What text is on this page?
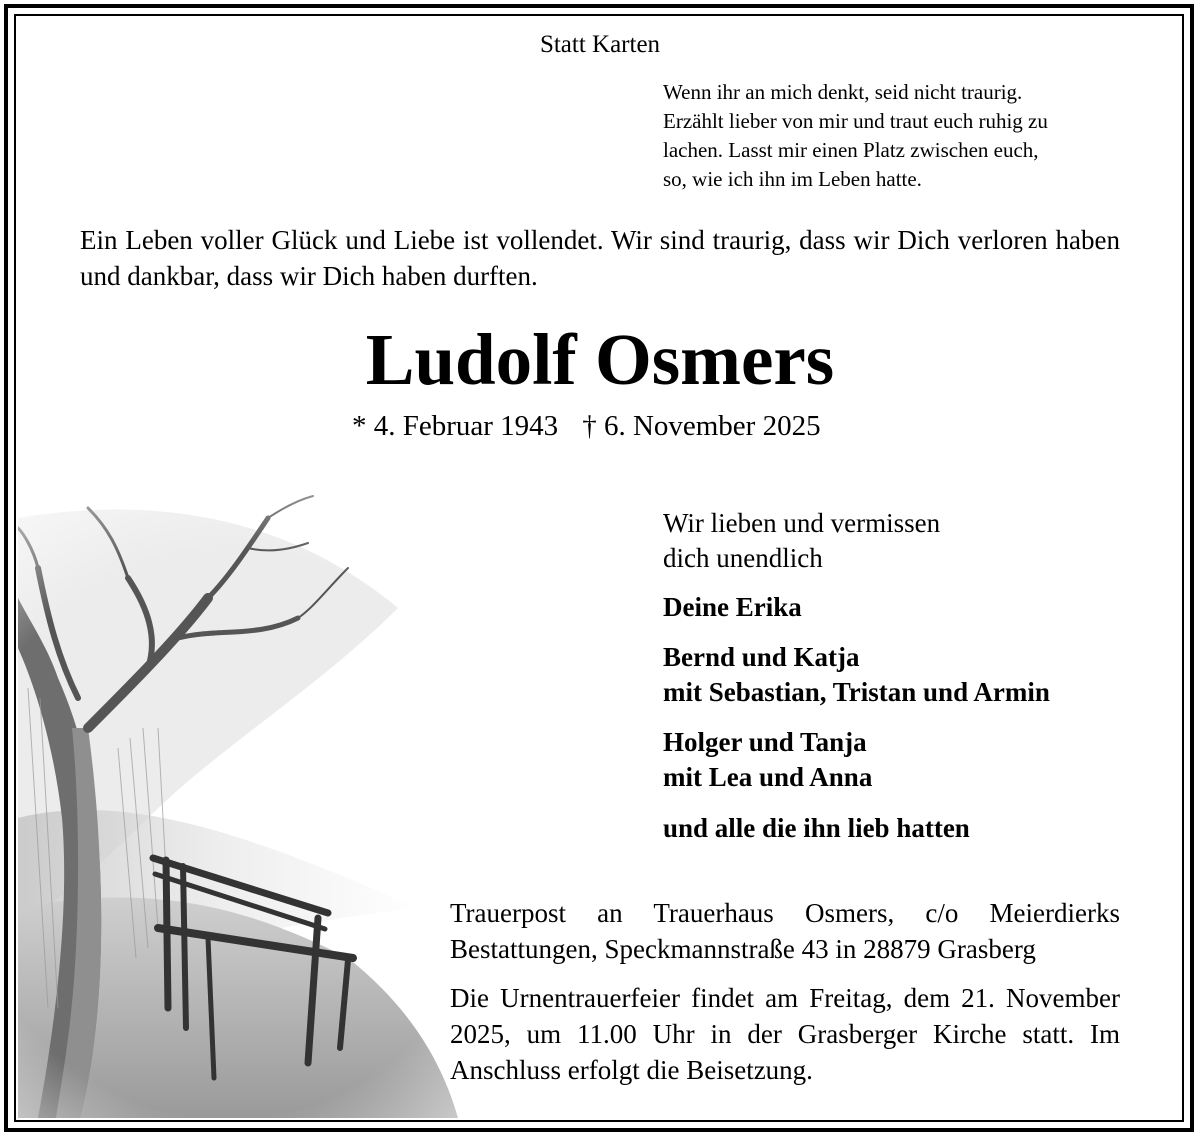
Statt Karten
Wenn ihr an mich denkt, seid nicht traurig.
Erzählt lieber von mir und traut euch ruhig zu
lachen. Lasst mir einen Platz zwischen euch,
so, wie ich ihn im Leben hatte.
Ein Leben voller Glück und Liebe ist vollendet. Wir sind traurig, dass wir Dich verloren haben und dankbar, dass wir Dich haben durften.
Ludolf Osmers
* 4. Februar 1943 † 6. November 2025
Wir lieben und vermissen
dich unendlich
Deine Erika
Bernd und Katja
mit Sebastian, Tristan und Armin
Holger und Tanja
mit Lea und Anna
und alle die ihn lieb hatten
Trauerpost an Trauerhaus Osmers, c/o Meierdierks Bestattungen, Speckmannstraße 43 in 28879 Grasberg
Die Urnentrauerfeier findet am Freitag, dem 21. November 2025, um 11.00 Uhr in der Grasberger Kirche statt. Im Anschluss erfolgt die Beisetzung.
